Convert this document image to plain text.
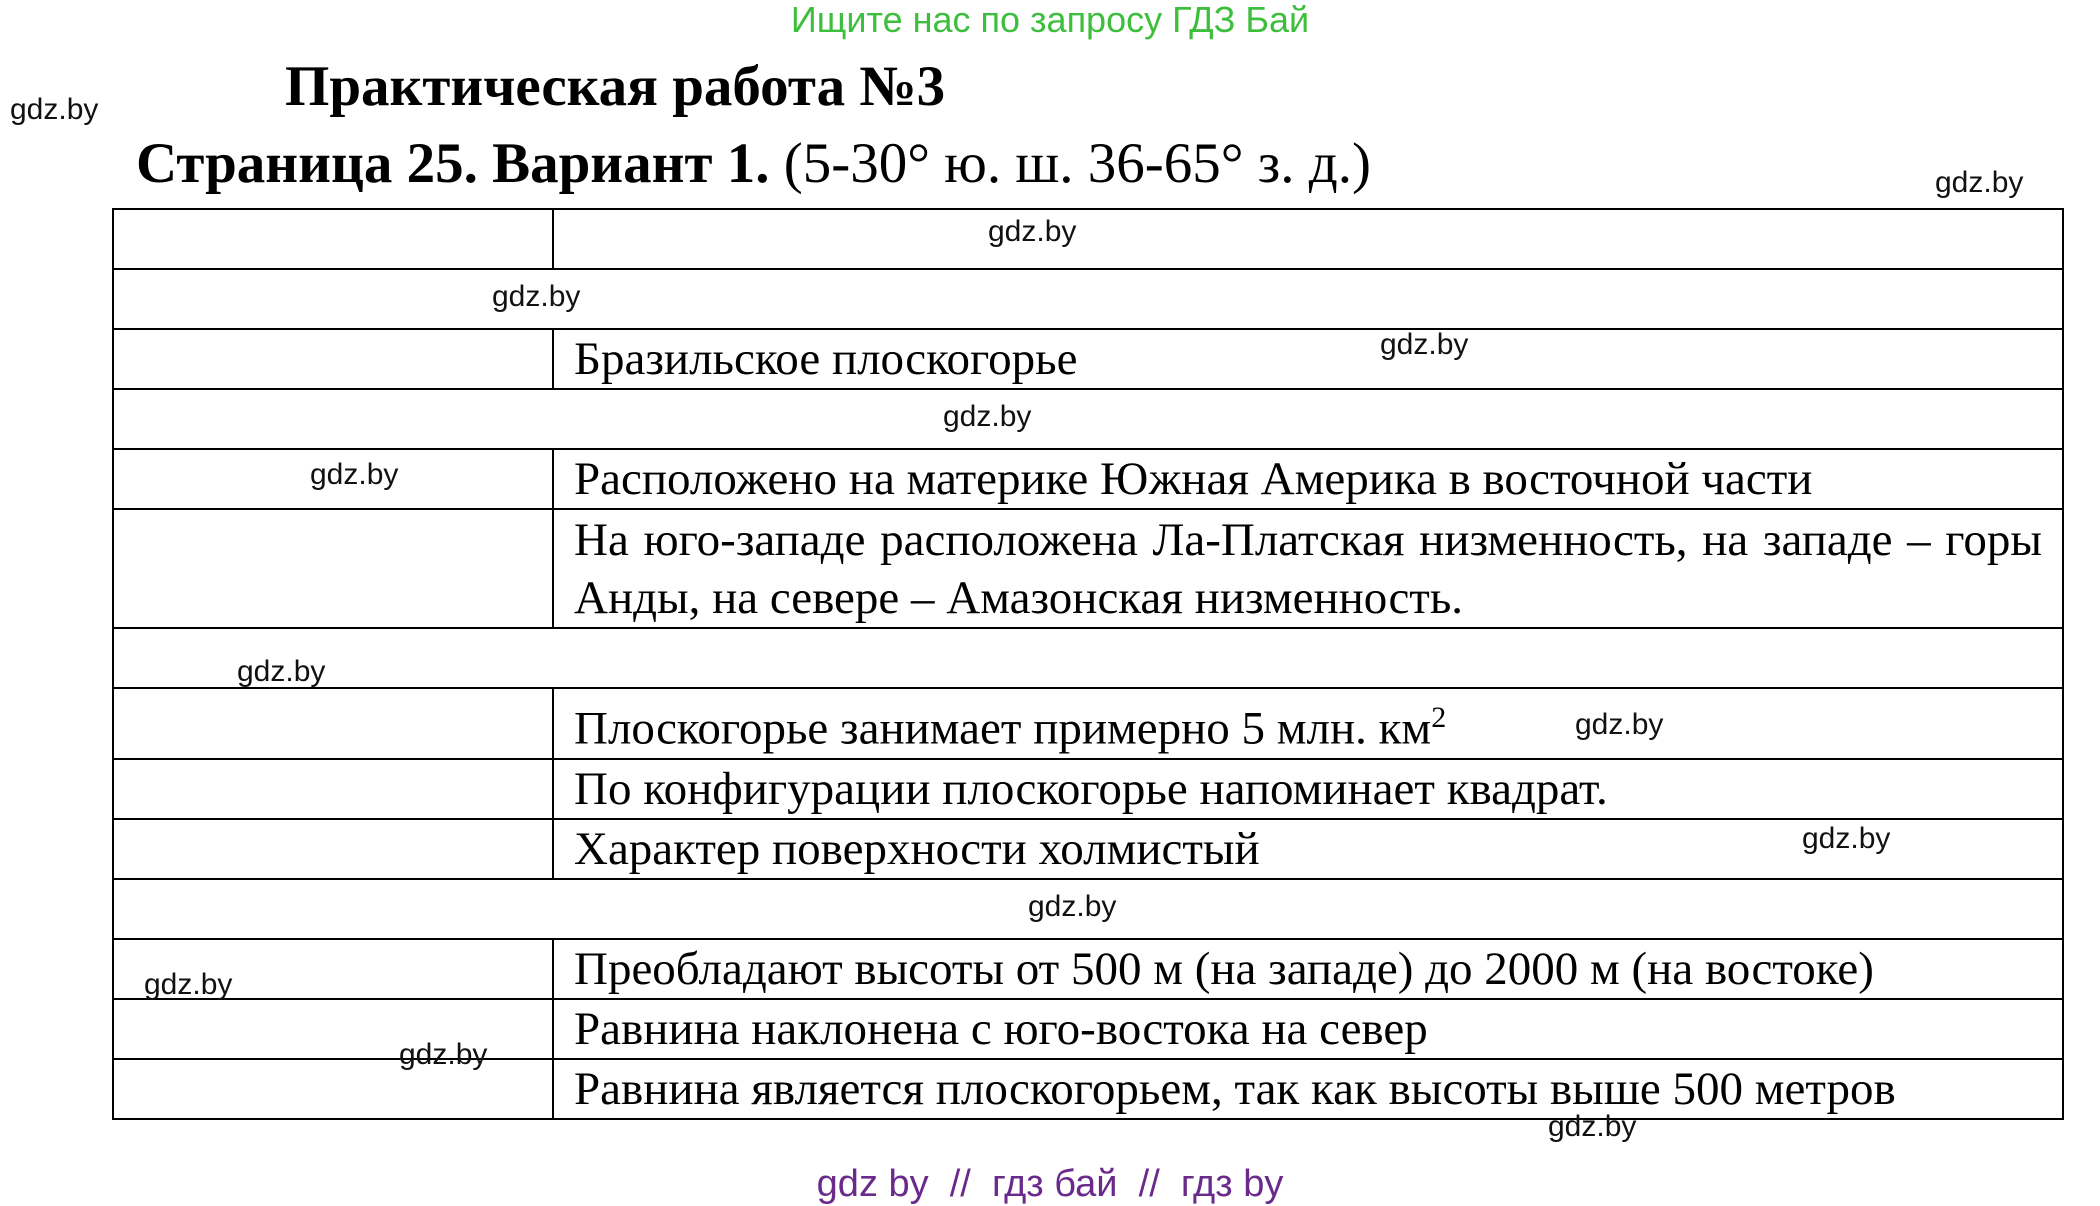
Ищите нас по запросу ГДЗ Бай
Практическая работа №3
Страница 25. Вариант 1. (5-30° ю. ш. 36-65° з. д.)

	Бразильское плоскогорье

	Расположено на материке Южная Америка в восточной части
	На юго-западе расположена Ла-Платская низменность, на западе – горы Анды, на севере – Амазонская низменность.

	Плоскогорье занимает примерно 5 млн. $км^2$
	По конфигурации плоскогорье напоминает квадрат.
	Характер поверхности холмистый

	Преобладают высоты от 500 м (на западе) до 2000 м (на востоке)
	Равнина наклонена с юго-востока на север
	Равнина является плоскогорьем, так как высоты выше 500 метров
gdz.by
gdz.by
gdz.by
gdz.by
gdz.by
gdz.by
gdz.by
gdz.by
gdz.by
gdz.by
gdz.by
gdz.by
gdz.by
gdz.by
gdz by  //  гдз бай  //  гдз by
